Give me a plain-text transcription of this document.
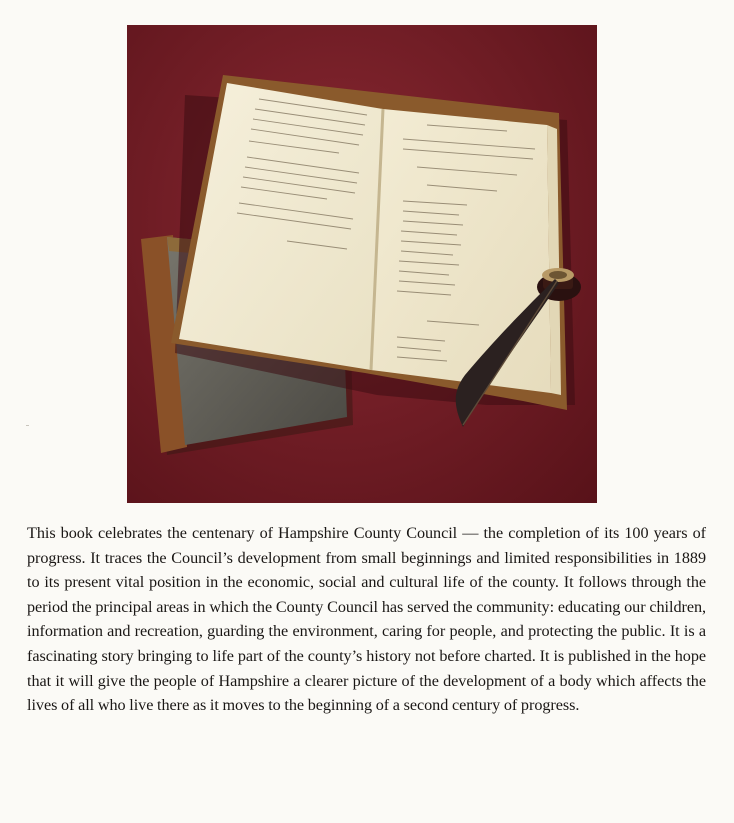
This book celebrates the centenary of Hampshire County Council — the completion of its 100 years of progress. It traces the Council’s development from small beginnings and limited responsibilities in 1889 to its present vital position in the economic, social and cultural life of the county. It follows through the period the principal areas in which the County Council has served the community: educating our children, information and recreation, guarding the environment, caring for people, and protecting the public. It is a fascinating story bringing to life part of the county’s history not before charted. It is published in the hope that it will give the people of Hampshire a clearer picture of the development of a body which affects the lives of all who live there as it moves to the beginning of a second century of progress.
